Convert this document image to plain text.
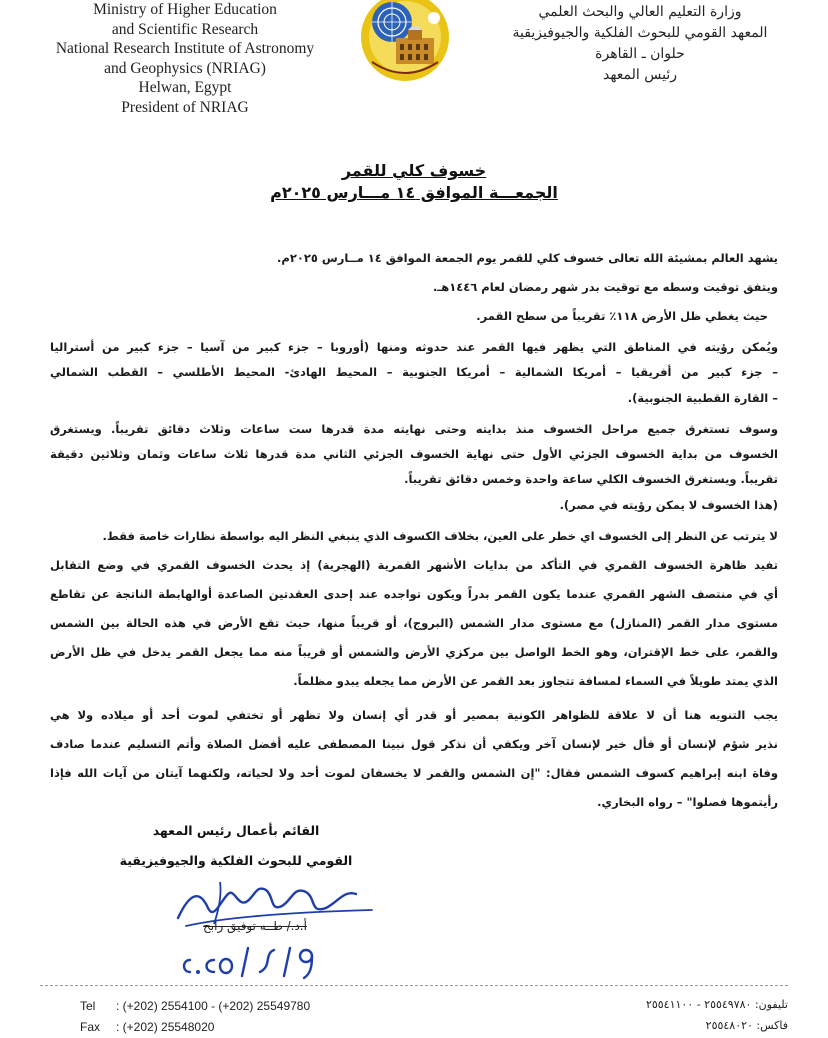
Ministry of Higher Education
and Scientific Research
National Research Institute of Astronomy
and Geophysics (NRIAG)
Helwan, Egypt
President of NRIAG
وزارة التعليم العالي والبحث العلمي
المعهد القومي للبحوث الفلكية والجيوفيزيقية
حلوان ـ القاهرة
رئيس المعهد
خسوف كلي للقمر
الجمعـــة الموافق ١٤ مـــارس ٢٠٢٥م
يشهد العالم بمشيئة الله تعالى خسوف كلي للقمر يوم الجمعة الموافق ١٤ مــارس ٢٠٢٥م.
ويتفق توقيت وسطه مع توقيت بدر شهر رمضان لعام ١٤٤٦هـ.
حيث يغطي ظل الأرض ١١٨٪ تقريباً من سطح القمر.
ويُمكن رؤيته في المناطق التي يظهر فيها القمر عند حدوثه ومنها (أوروبا – جزء كبير من آسيا – جزء كبير من أستراليا
– جزء كبير من أفريقيا – أمريكا الشمالية – أمريكا الجنوبية – المحيط الهادئ- المحيط الأطلسي – القطب الشمالي
– القارة القطبية الجنوبية).
وسوف تستغرق جميع مراحل الخسوف منذ بدايته وحتى نهايته مدة قدرها ست ساعات وثلاث دقائق تقريباً. ويستغرق
الخسوف من بداية الخسوف الجزئي الأول حتى نهاية الخسوف الجزئي الثاني مدة قدرها ثلاث ساعات وثمان وثلاثين دقيقة
تقريباً. ويستغرق الخسوف الكلي ساعة واحدة وخمس دقائق تقريباً.
(هذا الخسوف لا يمكن رؤيته في مصر).
لا يترتب عن النظر إلى الخسوف اي خطر على العين، بخلاف الكسوف الذي ينبغي النظر اليه بواسطة نظارات خاصة فقط.
تفيد ظاهرة الخسوف القمري في التأكد من بدايات الأشهر القمرية (الهجرية) إذ يحدث الخسوف القمري في وضع التقابل
أي في منتصف الشهر القمري عندما يكون القمر بدراً ويكون تواجده عند إحدى العقدتين الصاعدة أوالهابطة الناتجة عن تقاطع
مستوى مدار القمر (المنازل) مع مستوى مدار الشمس (البروج)، أو قريباً منها، حيث تقع الأرض في هذه الحالة بين الشمس
والقمر، على خط الإقتران، وهو الخط الواصل بين مركزي الأرض والشمس أو قريباً منه مما يجعل القمر يدخل في ظل الأرض
الذي يمتد طويلاً في السماء لمسافة تتجاوز بعد القمر عن الأرض مما يجعله يبدو مظلماً.
يجب التنويه هنا أن لا علاقة للظواهر الكونية بمصير أو قدر أي إنسان ولا تظهر أو تختفي لموت أحد أو ميلاده ولا هي
نذير شؤم لإنسان أو فأل خير لإنسان آخر ويكفي أن نذكر قول نبينا المصطفى عليه أفضل الصلاة وأتم التسليم عندما صادف
وفاة ابنه إبراهيم كسوف الشمس فقال: "إن الشمس والقمر لا يخسفان لموت أحد ولا لحياته، ولكنهما آيتان من آيات الله فإذا
رأيتموها فصلوا" – رواه البخاري.
القائم بأعمال رئيس المعهد
القومي للبحوث الفلكية والجيوفيزيقية
أ.د./ طــه توفيق رابح
Tel : (+202) 2554100 - (+202) 25549780
Fax : (+202) 25548020
تليفون: ٢٥٥٤٩٧٨٠ - ٢٥٥٤١١٠٠
فاكس: ٢٥٥٤٨٠٢٠
